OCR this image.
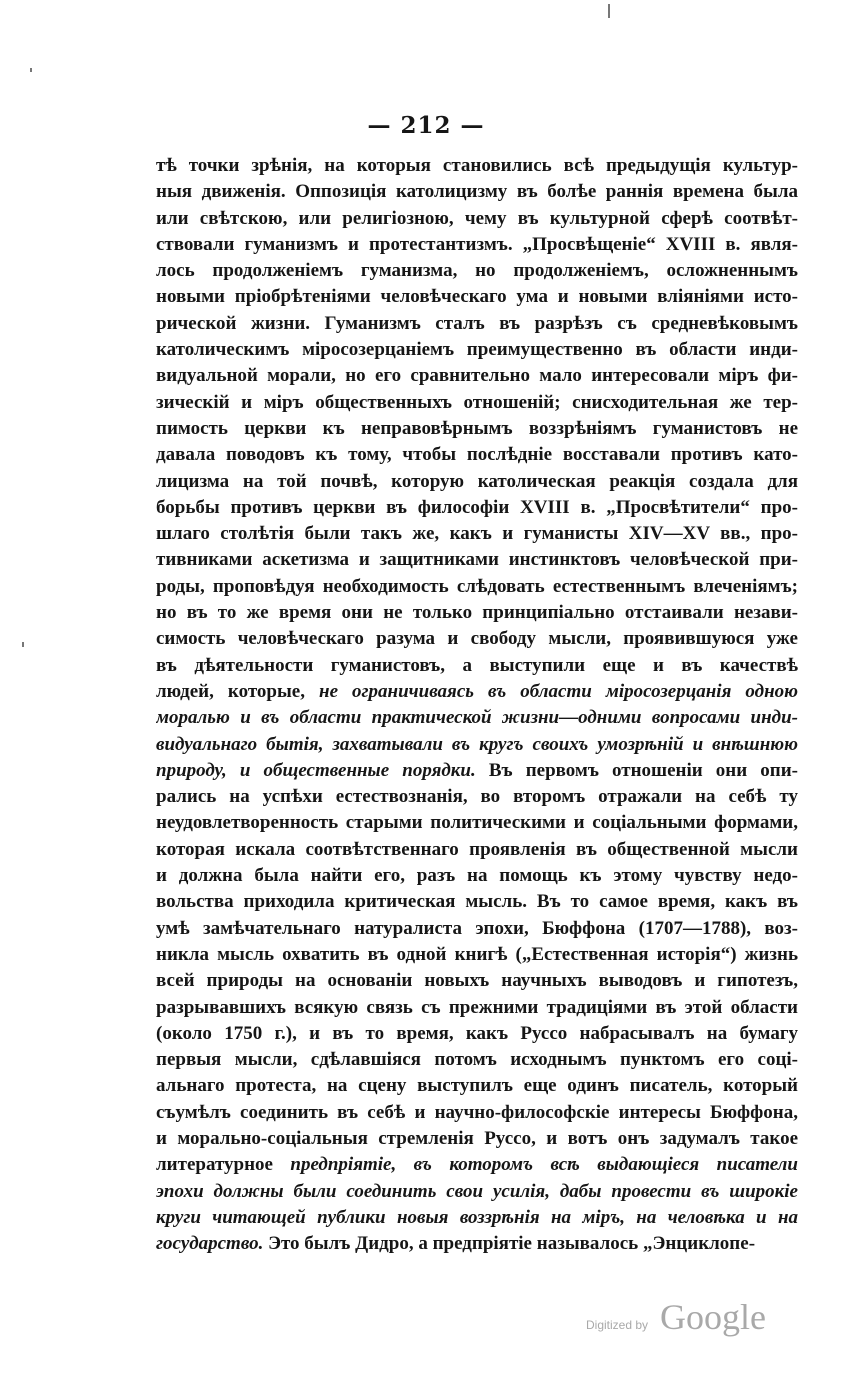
— 212 —
тѣ точки зрѣнія, на которыя становились всѣ предыдущія культур-
ныя движенія. Оппозиція католицизму въ болѣе раннія времена была
или свѣтскою, или религіозною, чему въ культурной сферѣ соотвѣт-
ствовали гуманизмъ и протестантизмъ. „Просвѣщеніе“ XVIII в. явля-
лось продолженіемъ гуманизма, но продолженіемъ, осложненнымъ
новыми пріобрѣтеніями человѣческаго ума и новыми вліяніями исто-
рической жизни. Гуманизмъ сталъ въ разрѣзъ съ средневѣковымъ
католическимъ міросозерцаніемъ преимущественно въ области инди-
видуальной морали, но его сравнительно мало интересовали міръ фи-
зическій и міръ общественныхъ отношеній; снисходительная же тер-
пимость церкви къ неправовѣрнымъ воззрѣніямъ гуманистовъ не
давала поводовъ къ тому, чтобы послѣдніе восставали противъ като-
лицизма на той почвѣ, которую католическая реакція создала для
борьбы противъ церкви въ философіи XVIII в. „Просвѣтители“ про-
шлаго столѣтія были такъ же, какъ и гуманисты XIV—XV вв., про-
тивниками аскетизма и защитниками инстинктовъ человѣческой при-
роды, проповѣдуя необходимость слѣдовать естественнымъ влеченіямъ;
но въ то же время они не только принципіально отстаивали незави-
симость человѣческаго разума и свободу мысли, проявившуюся уже
въ дѣятельности гуманистовъ, а выступили еще и въ качествѣ
людей, которые, не ограничиваясь въ области міросозерцанія одною
моралью и въ области практической жизни—одними вопросами инди-
видуальнаго бытія, захватывали въ кругъ своихъ умозрѣній и внѣшнюю
природу, и общественные порядки. Въ первомъ отношеніи они опи-
рались на успѣхи естествознанія, во второмъ отражали на себѣ ту
неудовлетворенность старыми политическими и соціальными формами,
которая искала соотвѣтственнаго проявленія въ общественной мысли
и должна была найти его, разъ на помощь къ этому чувству недо-
вольства приходила критическая мысль. Въ то самое время, какъ въ
умѣ замѣчательнаго натуралиста эпохи, Бюффона (1707—1788), воз-
никла мысль охватить въ одной книгѣ („Естественная исторія“) жизнь
всей природы на основаніи новыхъ научныхъ выводовъ и гипотезъ,
разрывавшихъ всякую связь съ прежними традиціями въ этой области
(около 1750 г.), и въ то время, какъ Руссо набрасывалъ на бумагу
первыя мысли, сдѣлавшіяся потомъ исходнымъ пунктомъ его соці-
альнаго протеста, на сцену выступилъ еще одинъ писатель, который
съумѣлъ соединить въ себѣ и научно-философскіе интересы Бюффона,
и морально-соціальныя стремленія Руссо, и вотъ онъ задумалъ такое
литературное предпріятіе, въ которомъ всѣ выдающіеся писатели
эпохи должны были соединить свои усилія, дабы провести въ широкіе
круги читающей публики новыя воззрѣнія на міръ, на человѣка и на
государство. Это былъ Дидро, а предпріятіе называлось „Энциклопе-
Digitized by Google
